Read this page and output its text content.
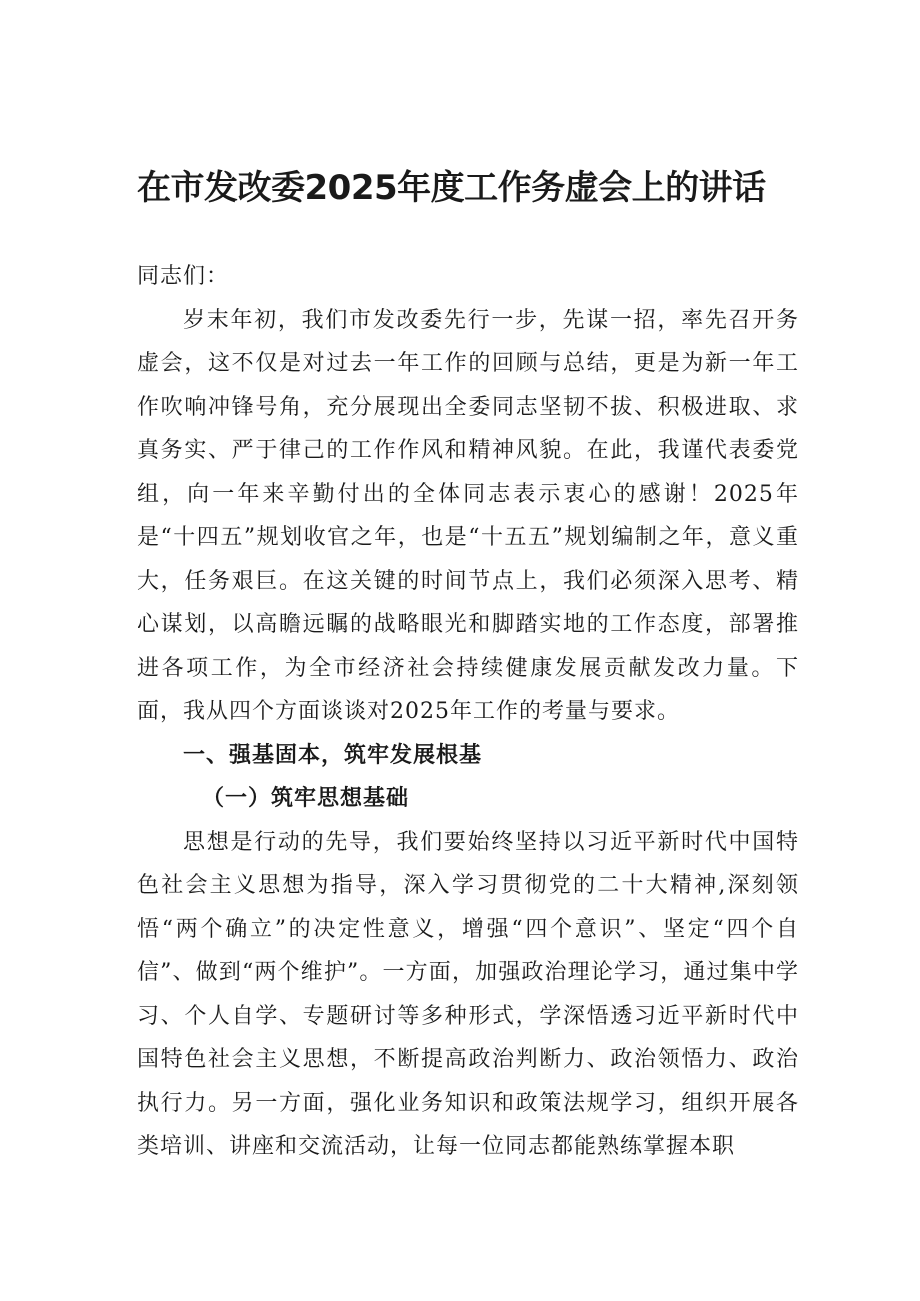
在市发改委2025年度工作务虚会上的讲话

同志们：

岁末年初，我们市发改委先行一步，先谋一招，率先召开务虚会，这不仅是对过去一年工作的回顾与总结，更是为新一年工作吹响冲锋号角，充分展现出全委同志坚韧不拔、积极进取、求真务实、严于律己的工作作风和精神风貌。在此，我谨代表委党组，向一年来辛勤付出的全体同志表示衷心的感谢！2025年是“十四五”规划收官之年，也是“十五五”规划编制之年，意义重大，任务艰巨。在这关键的时间节点上，我们必须深入思考、精心谋划，以高瞻远瞩的战略眼光和脚踏实地的工作态度，部署推进各项工作，为全市经济社会持续健康发展贡献发改力量。下面，我从四个方面谈谈对2025年工作的考量与要求。

一、强基固本，筑牢发展根基

（一）筑牢思想基础

思想是行动的先导，我们要始终坚持以习近平新时代中国特色社会主义思想为指导，深入学习贯彻党的二十大精神,深刻领悟“两个确立”的决定性意义，增强“四个意识”、坚定“四个自信”、做到“两个维护”。一方面，加强政治理论学习，通过集中学习、个人自学、专题研讨等多种形式，学深悟透习近平新时代中国特色社会主义思想，不断提高政治判断力、政治领悟力、政治执行力。另一方面，强化业务知识和政策法规学习，组织开展各类培训、讲座和交流活动，让每一位同志都能熟练掌握本职
